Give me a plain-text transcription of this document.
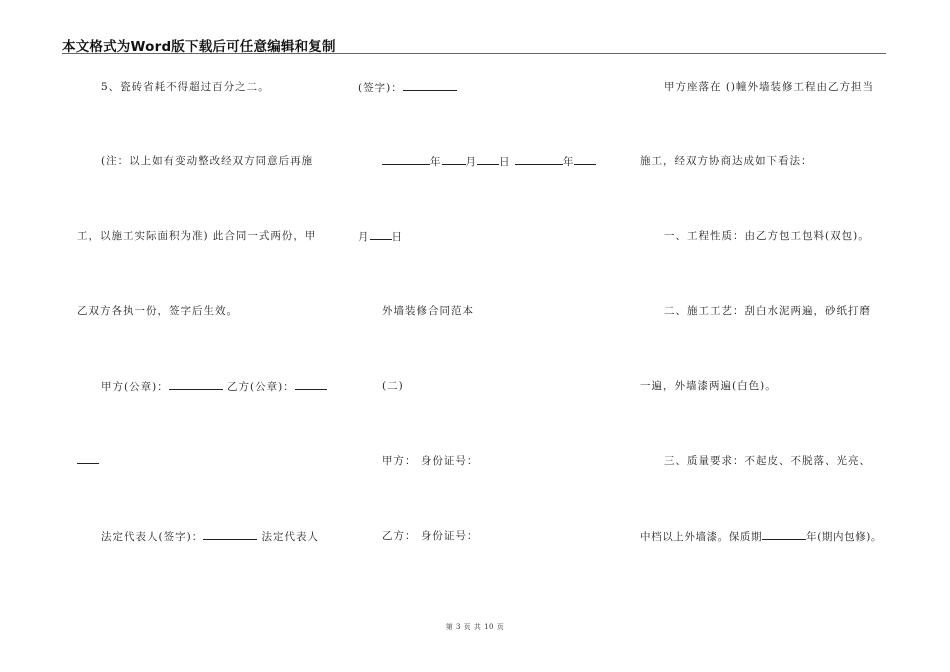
本文格式为Word版下载后可任意编辑和复制
5、瓷砖省耗不得超过百分之二。
(注：以上如有变动整改经双方同意后再施
工，以施工实际面积为准) 此合同一式两份，甲
乙双方各执一份，签字后生效。
甲方(公章)：	乙方(公章)：
法定代表人(签字)：	法定代表人
(签字)：
年 月 日	年
月 日
外墙装修合同范本
(二)
甲方： 身份证号：
乙方： 身份证号：
甲方座落在 ()幢外墙装修工程由乙方担当
施工，经双方协商达成如下看法：
一、工程性质：由乙方包工包料(双包)。
二、施工工艺：刮白水泥两遍，砂纸打磨
一遍，外墙漆两遍(白色)。
三、质量要求：不起皮、不脱落、光亮、
中档以上外墙漆。保质期	年(期内包修)。
第 3 页 共 10 页
